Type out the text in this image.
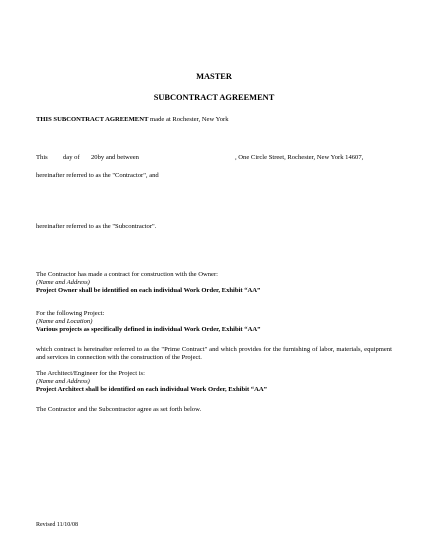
MASTER
SUBCONTRACT AGREEMENT
THIS SUBCONTRACT AGREEMENT made at Rochester, New York
This day of 20by and between	, One Circle Street, Rochester, New York 14607,
hereinafter referred to as the "Contractor", and
hereinafter referred to as the "Subcontractor".
The Contractor has made a contract for construction with the Owner:
(Name and Address)
Project Owner shall be identified on each individual Work Order, Exhibit “AA”
For the following Project:
(Name and Location)
Various projects as specifically defined in individual Work Order, Exhibit “AA”
which contract is hereinafter referred to as the "Prime Contract" and which provides for the furnishing of labor, materials, equipment and services in connection with the construction of the Project.
The Architect/Engineer for the Project is:
(Name and Address)
Project Architect shall be identified on each individual Work Order, Exhibit “AA”
The Contractor and the Subcontractor agree as set forth below.
Revised 11/10/08
